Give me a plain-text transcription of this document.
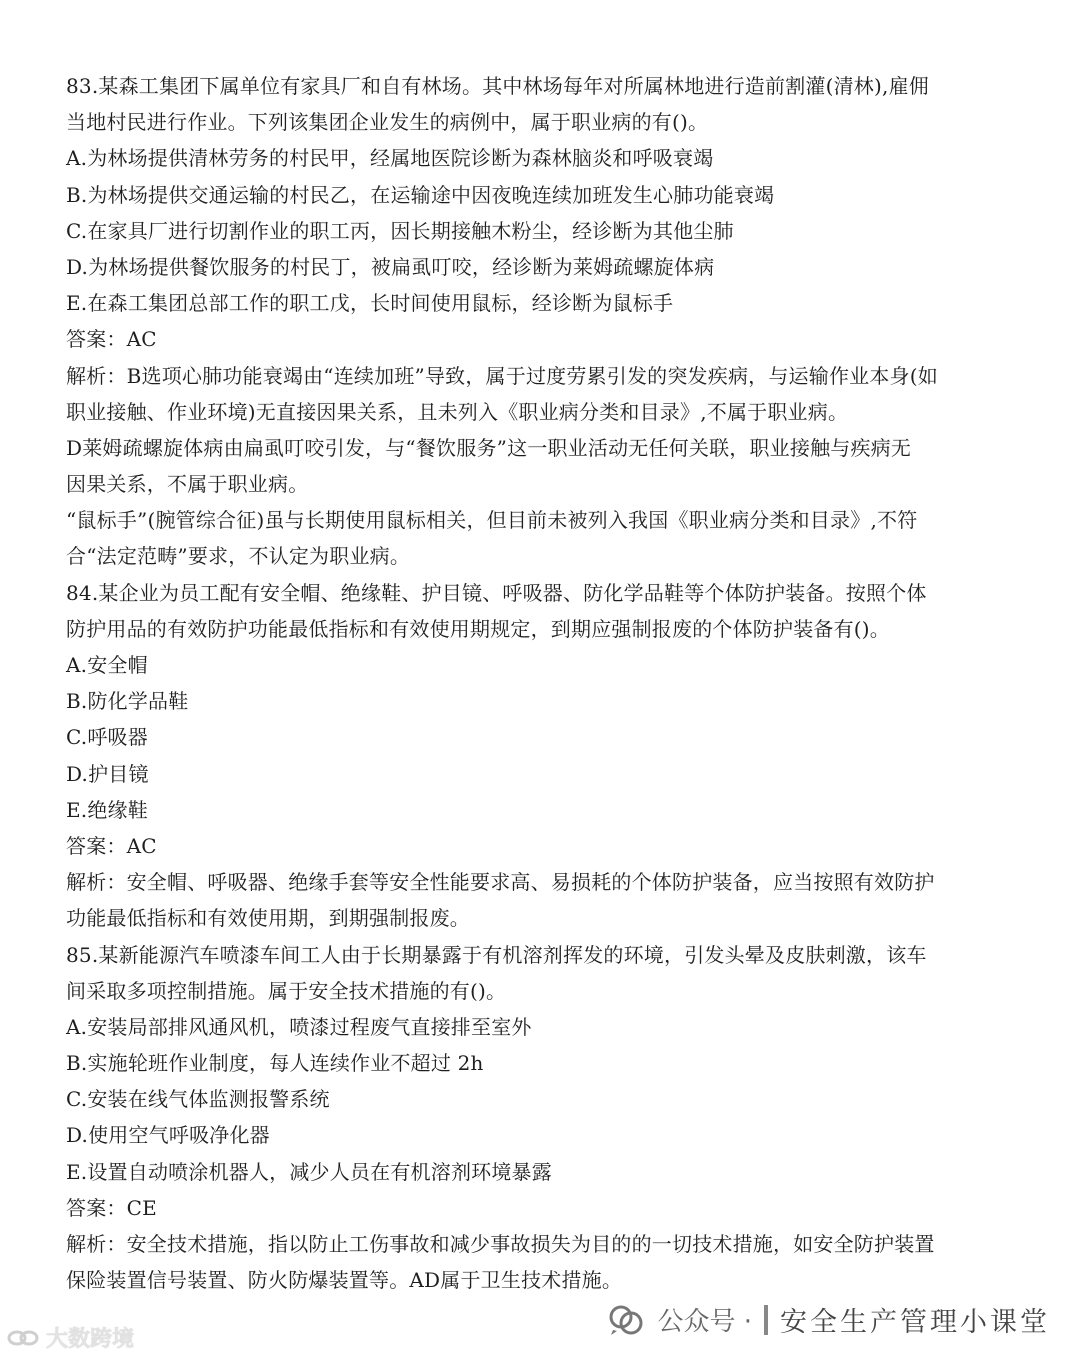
83.某森工集团下属单位有家具厂和自有林场。其中林场每年对所属林地进行造前割灌(清林),雇佣
当地村民进行作业。下列该集团企业发生的病例中，属于职业病的有()。
A.为林场提供清林劳务的村民甲，经属地医院诊断为森林脑炎和呼吸衰竭
B.为林场提供交通运输的村民乙，在运输途中因夜晚连续加班发生心肺功能衰竭
C.在家具厂进行切割作业的职工丙，因长期接触木粉尘，经诊断为其他尘肺
D.为林场提供餐饮服务的村民丁，被扁虱叮咬，经诊断为莱姆疏螺旋体病
E.在森工集团总部工作的职工戊，长时间使用鼠标，经诊断为鼠标手
答案：AC
解析：B选项心肺功能衰竭由“连续加班”导致，属于过度劳累引发的突发疾病，与运输作业本身(如
职业接触、作业环境)无直接因果关系，且未列入《职业病分类和目录》,不属于职业病。
D莱姆疏螺旋体病由扁虱叮咬引发，与“餐饮服务”这一职业活动无任何关联，职业接触与疾病无
因果关系，不属于职业病。
“鼠标手”(腕管综合征)虽与长期使用鼠标相关，但目前未被列入我国《职业病分类和目录》,不符
合“法定范畴”要求，不认定为职业病。
84.某企业为员工配有安全帽、绝缘鞋、护目镜、呼吸器、防化学品鞋等个体防护装备。按照个体
防护用品的有效防护功能最低指标和有效使用期规定，到期应强制报废的个体防护装备有()。
A.安全帽
B.防化学品鞋
C.呼吸器
D.护目镜
E.绝缘鞋
答案：AC
解析：安全帽、呼吸器、绝缘手套等安全性能要求高、易损耗的个体防护装备，应当按照有效防护
功能最低指标和有效使用期，到期强制报废。
85.某新能源汽车喷漆车间工人由于长期暴露于有机溶剂挥发的环境，引发头晕及皮肤刺激，该车
间采取多项控制措施。属于安全技术措施的有()。
A.安装局部排风通风机，喷漆过程废气直接排至室外
B.实施轮班作业制度，每人连续作业不超过 2h
C.安装在线气体监测报警系统
D.使用空气呼吸净化器
E.设置自动喷涂机器人，减少人员在有机溶剂环境暴露
答案：CE
解析：安全技术措施，指以防止工伤事故和减少事故损失为目的的一切技术措施，如安全防护装置
保险装置信号装置、防火防爆装置等。AD属于卫生技术措施。
大数跨境
公众号 · 安全生产管理小课堂
